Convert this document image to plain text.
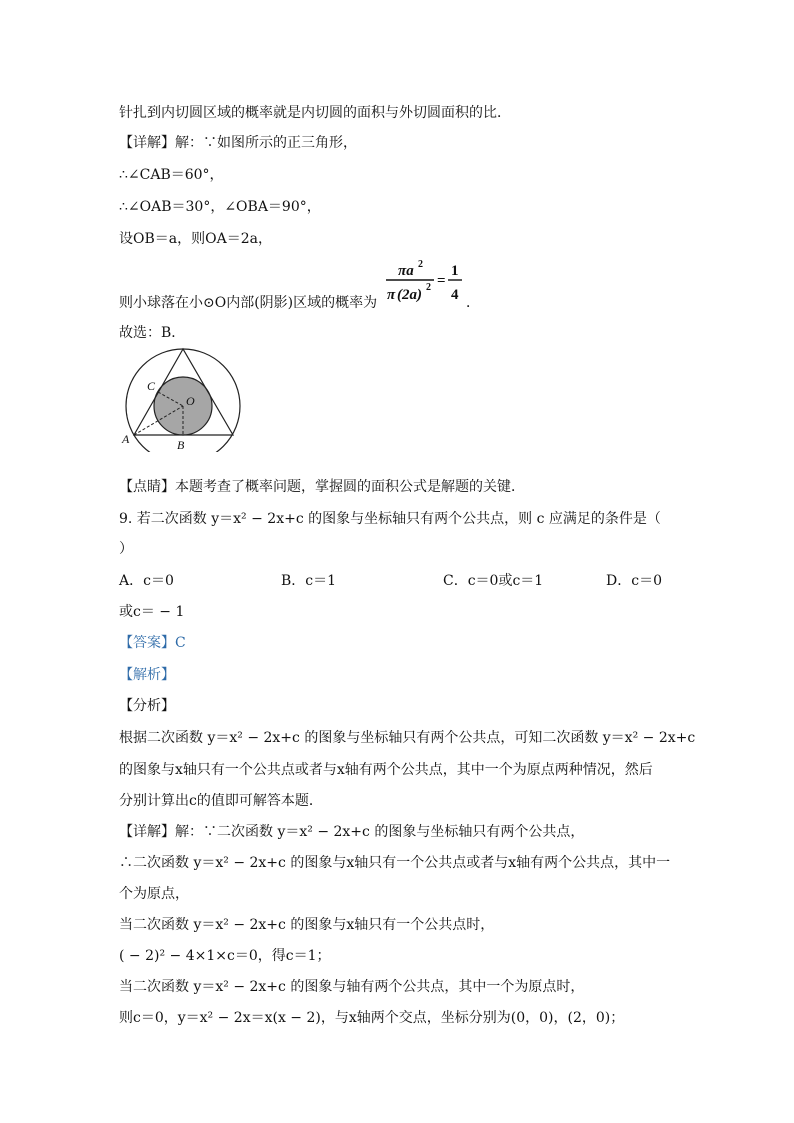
针扎到内切圆区域的概率就是内切圆的面积与外切圆面积的比．
【详解】解：∵如图所示的正三角形，
∴∠CAB＝60°，
∴∠OAB＝30°，∠OBA＝90°，
设OB＝a，则OA＝2a，
则小球落在小⊙O内部(阴影)区域的概率为
πa 2
π (2a) 2 =
1
4 ．
故选：B．
A	B
C
O
【点睛】本题考查了概率问题，掌握圆的面积公式是解题的关键．
9. 若二次函数 y＝x² − 2x+c 的图象与坐标轴只有两个公共点，则 c 应满足的条件是（
）
A．c＝0	B．c＝1	C．c＝0或c＝1	D．c＝0
或c＝ − 1
【答案】C
【解析】
【分析】
根据二次函数 y＝x² − 2x+c 的图象与坐标轴只有两个公共点，可知二次函数 y＝x² − 2x+c
的图象与x轴只有一个公共点或者与x轴有两个公共点，其中一个为原点两种情况，然后
分别计算出c的值即可解答本题．
【详解】解：∵二次函数 y＝x² − 2x+c 的图象与坐标轴只有两个公共点，
∴二次函数 y＝x² − 2x+c 的图象与x轴只有一个公共点或者与x轴有两个公共点，其中一
个为原点，
当二次函数 y＝x² − 2x+c 的图象与x轴只有一个公共点时，
( − 2)² − 4×1×c＝0，得c＝1；
当二次函数 y＝x² − 2x+c 的图象与轴有两个公共点，其中一个为原点时，
则c＝0，y＝x² − 2x＝x(x − 2)，与x轴两个交点，坐标分别为(0，0)，(2，0)；
